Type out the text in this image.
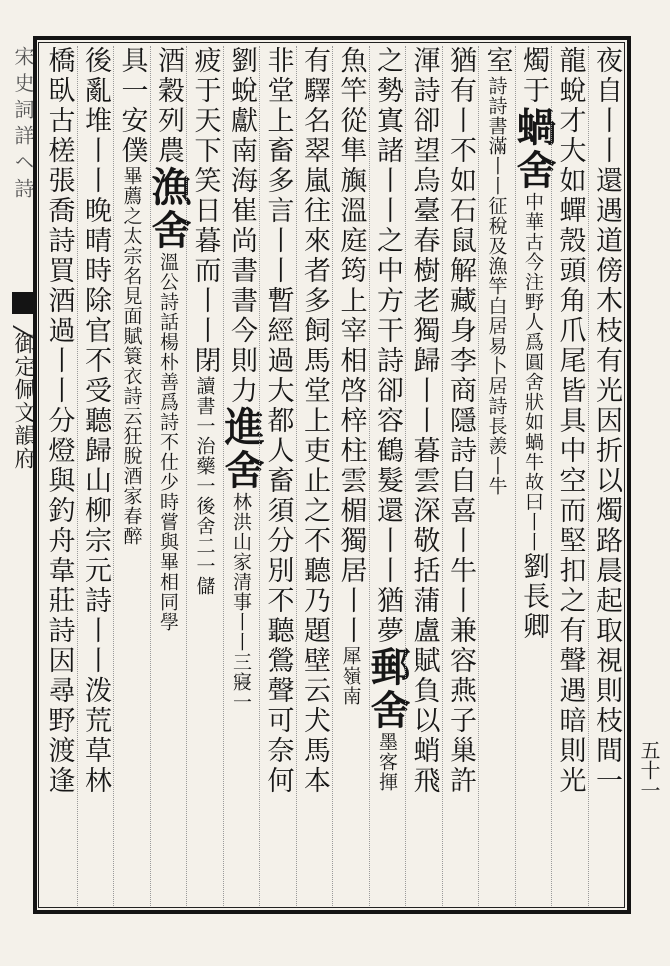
宋 史 詞 詳 ヘ 詩
御定佩文韻府	夜自丨丨還遇道傍木枝有光因折以燭路晨起取視則枝間一
龍蛻才大如蟬殼頭角爪尾皆具中空而堅扣之有聲遇暗則光
燭于蝸舍中華古今注野人爲圓舍狀如蝸牛故曰丨丨劉長卿
室詩詩書滿丨丨征稅及漁竿白居易卜居詩長羨丨牛
猶有丨不如石鼠解藏身李商隱詩自喜丨牛丨兼容燕子巢許
渾詩卻望烏臺春樹老獨歸丨丨暮雲深敬括蒲盧賦負以蛸飛
之勢寘諸丨丨之中方干詩卻容鶴髮還丨丨猶夢郵舍墨客揮
魚竿從隼旟溫庭筠上宰相啓梓柱雲楣獨居丨丨犀嶺南
有驛名翠嵐往來者多飼馬堂上吏止之不聽乃題壁云犬馬本
非堂上畜多言丨丨暫經過大都人畜須分別不聽鶯聲可奈何
劉蛻獻南海崔尚書書今則力進舍林洪山家清事丨丨三寢一
疲于天下笑日暮而丨丨閉讀書一治藥一後舍二一儲
酒穀列農漁舍溫公詩話楊朴善爲詩不仕少時嘗與畢相同學
具一安僕畢薦之太宗名見面賦簑衣詩云狂脫酒家春醉
後亂堆丨丨晚晴時除官不受聽歸山柳宗元詩丨丨泼荒草林
橋臥古槎張喬詩買酒過丨丨分燈與釣舟韋莊詩因尋野渡逢	五十一
